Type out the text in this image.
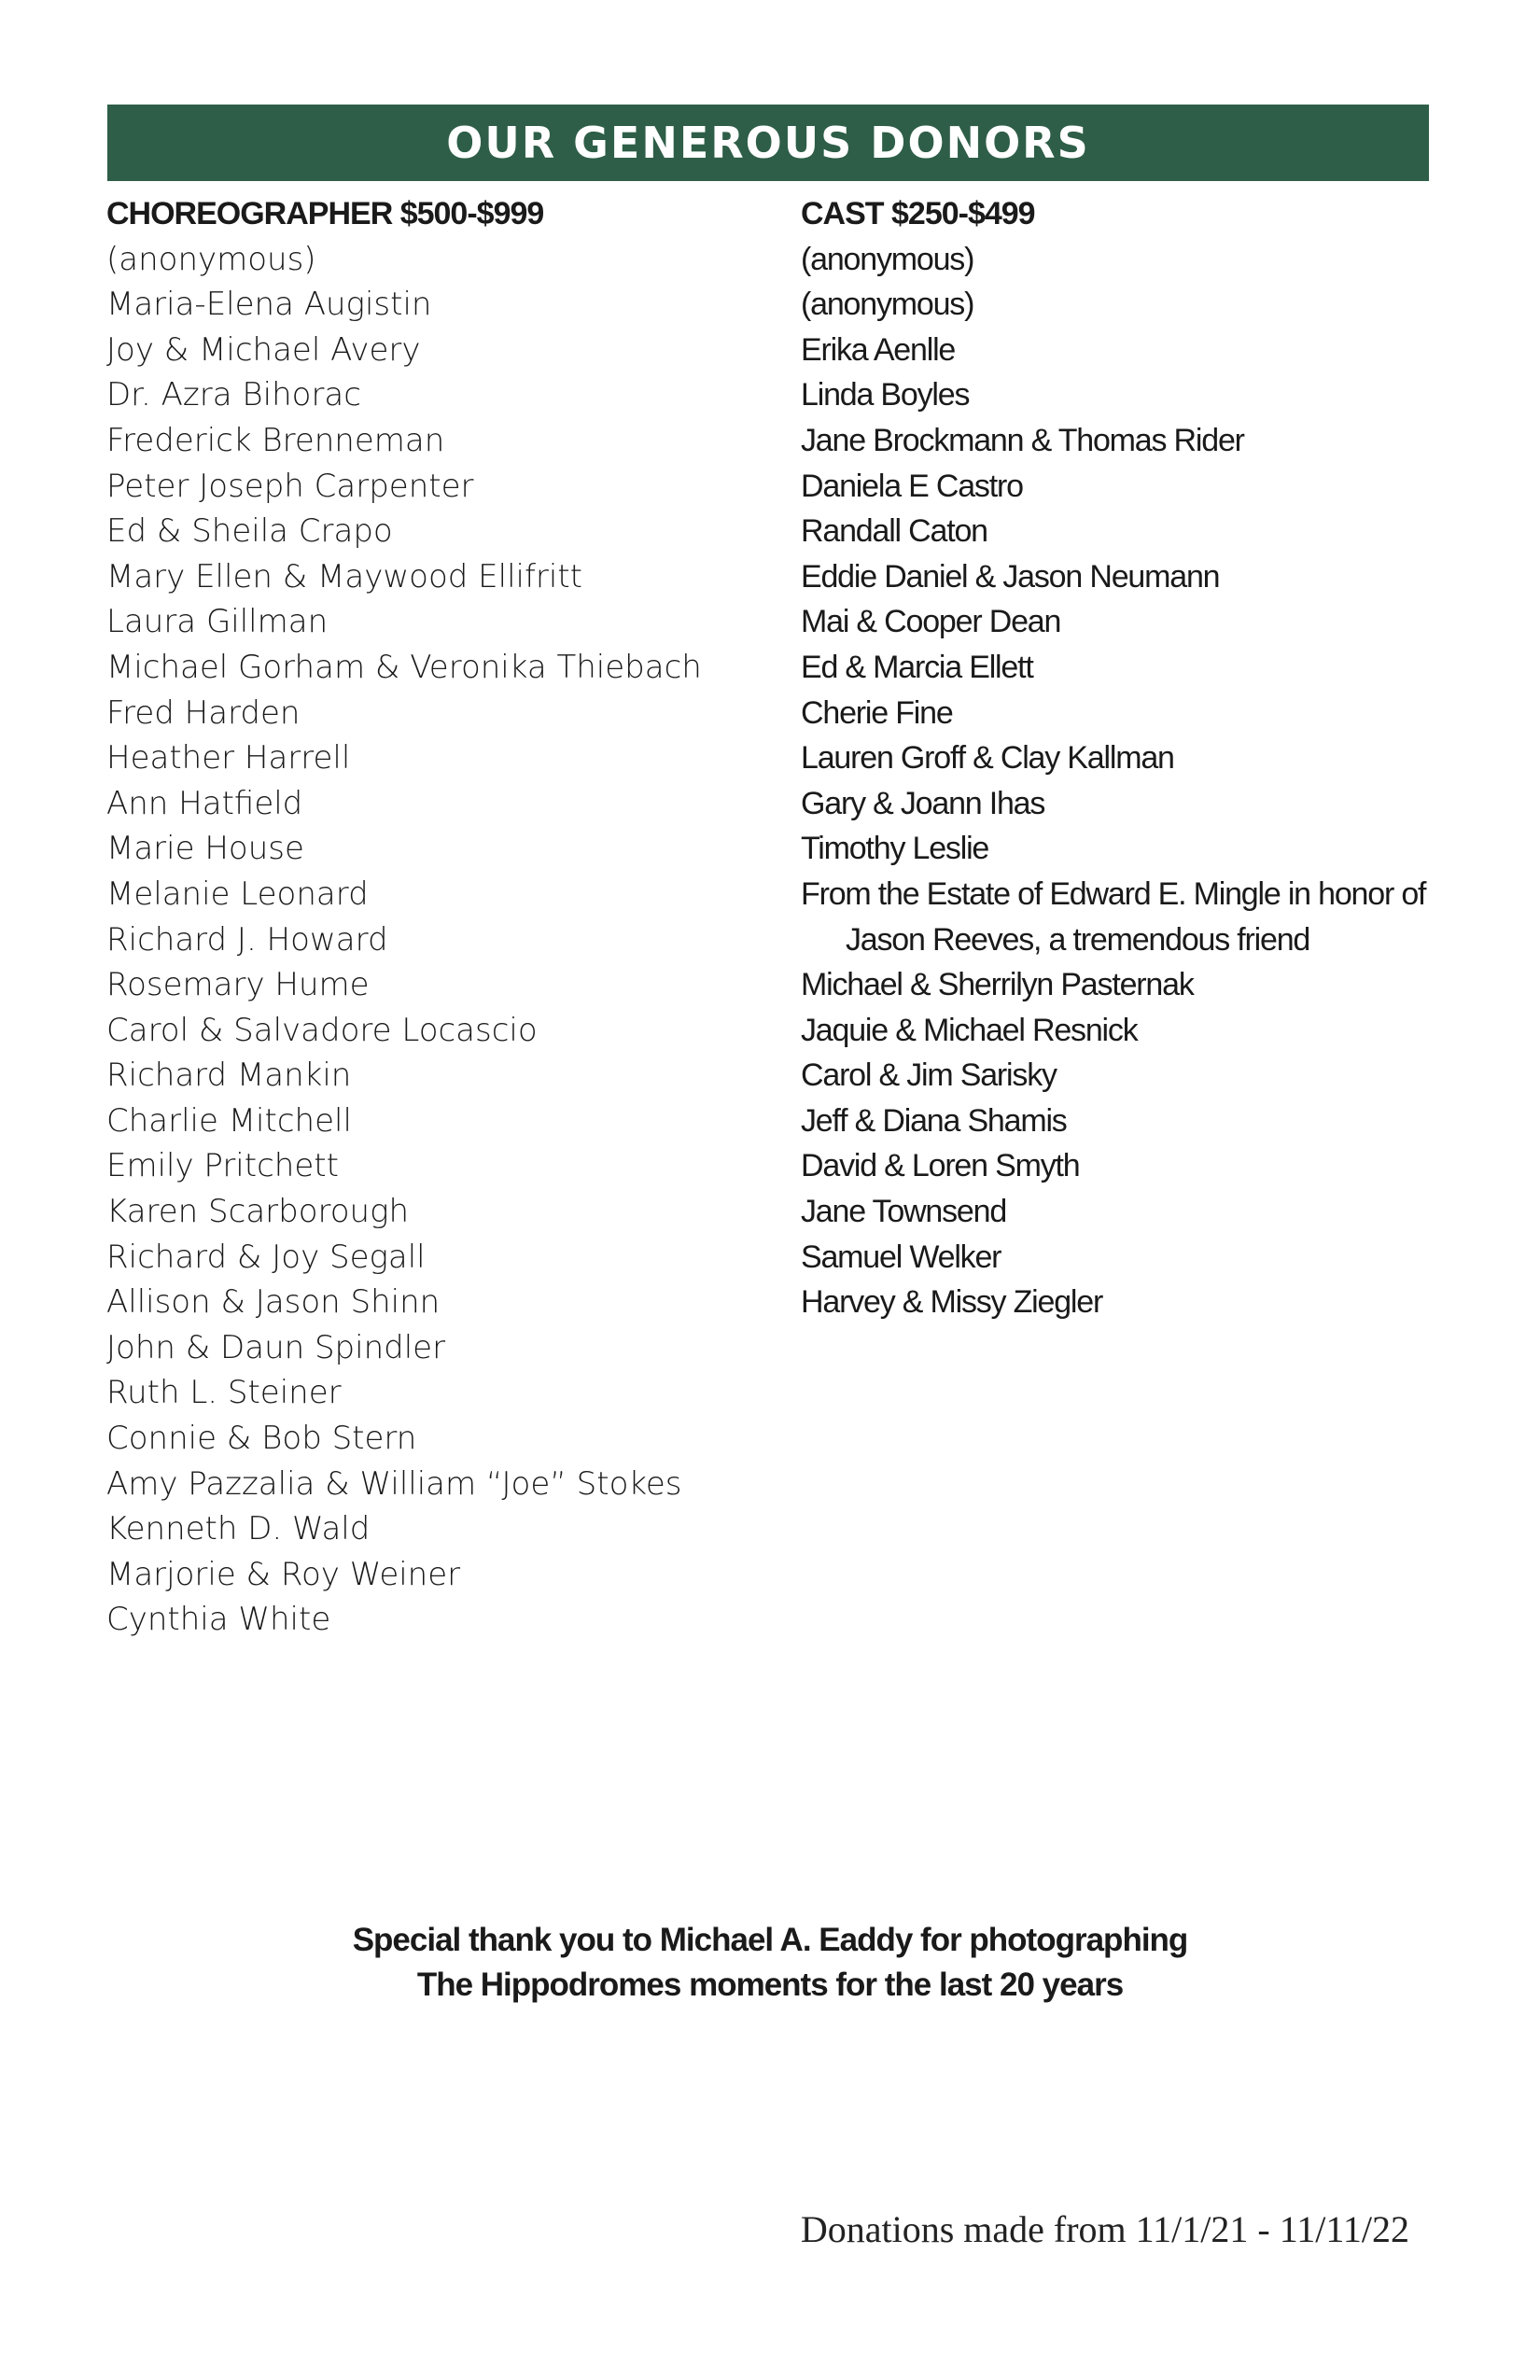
OUR GENEROUS DONORS
CHOREOGRAPHER $500-$999
(anonymous)
Maria-Elena Augistin
Joy & Michael Avery
Dr. Azra Bihorac
Frederick Brenneman
Peter Joseph Carpenter
Ed & Sheila Crapo
Mary Ellen & Maywood Ellifritt
Laura Gillman
Michael Gorham & Veronika Thiebach
Fred Harden
Heather Harrell
Ann Hatfield
Marie House
Melanie Leonard
Richard J. Howard
Rosemary Hume
Carol & Salvadore Locascio
Richard Mankin
Charlie Mitchell
Emily Pritchett
Karen Scarborough
Richard & Joy Segall
Allison & Jason Shinn
John & Daun Spindler
Ruth L. Steiner
Connie & Bob Stern
Amy Pazzalia & William “Joe” Stokes
Kenneth D. Wald
Marjorie & Roy Weiner
Cynthia White
CAST $250-$499
(anonymous)
(anonymous)
Erika Aenlle
Linda Boyles
Jane Brockmann & Thomas Rider
Daniela E Castro
Randall Caton
Eddie Daniel & Jason Neumann
Mai & Cooper Dean
Ed & Marcia Ellett
Cherie Fine
Lauren Groff & Clay Kallman
Gary & Joann Ihas
Timothy Leslie
From the Estate of Edward E. Mingle in honor of Jason Reeves, a tremendous friend
Michael & Sherrilyn Pasternak
Jaquie & Michael Resnick
Carol & Jim Sarisky
Jeff & Diana Shamis
David & Loren Smyth
Jane Townsend
Samuel Welker
Harvey & Missy Ziegler
Special thank you to Michael A. Eaddy for photographing
The Hippodromes moments for the last 20 years
Donations made from 11/1/21 - 11/11/22
